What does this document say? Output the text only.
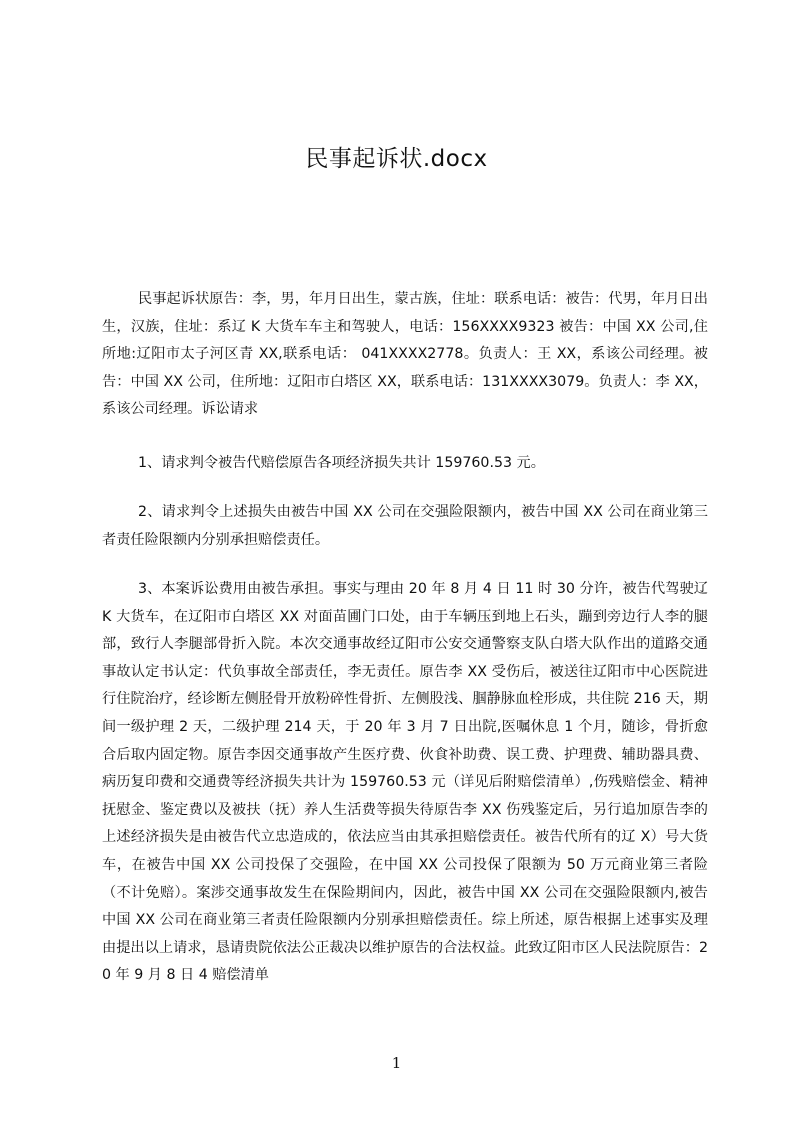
民事起诉状.docx

民事起诉状原告：李，男，年月日出生，蒙古族，住址：联系电话：被告：代男，年月日出生，汉族，住址：系辽 K 大货车车主和驾驶人，电话：156XXXX9323 被告：中国 XX 公司,住所地:辽阳市太子河区青 XX,联系电话： 041XXXX2778。负责人：王 XX，系该公司经理。被告：中国 XX 公司，住所地：辽阳市白塔区 XX，联系电话：131XXXX3079。负责人：李 XX，系该公司经理。诉讼请求

1、请求判令被告代赔偿原告各项经济损失共计 159760.53 元。

2、请求判令上述损失由被告中国 XX 公司在交强险限额内，被告中国 XX 公司在商业第三者责任险限额内分别承担赔偿责任。

3、本案诉讼费用由被告承担。事实与理由 20 年 8 月 4 日 11 时 30 分许，被告代驾驶辽 K 大货车，在辽阳市白塔区 XX 对面苗圃门口处，由于车辆压到地上石头，蹦到旁边行人李的腿部，致行人李腿部骨折入院。本次交通事故经辽阳市公安交通警察支队白塔大队作出的道路交通事故认定书认定：代负事故全部责任，李无责任。原告李 XX 受伤后，被送往辽阳市中心医院进行住院治疗，经诊断左侧胫骨开放粉碎性骨折、左侧股浅、腘静脉血栓形成，共住院 216 天，期间一级护理 2 天，二级护理 214 天，于 20 年 3 月 7 日出院,医嘱休息 1 个月，随诊，骨折愈合后取内固定物。原告李因交通事故产生医疗费、伙食补助费、误工费、护理费、辅助器具费、病历复印费和交通费等经济损失共计为 159760.53 元（详见后附赔偿清单）,伤残赔偿金、精神抚慰金、鉴定费以及被扶（抚）养人生活费等损失待原告李 XX 伤残鉴定后，另行追加原告李的上述经济损失是由被告代立忠造成的，依法应当由其承担赔偿责任。被告代所有的辽 X）号大货车，在被告中国 XX 公司投保了交强险，在中国 XX 公司投保了限额为 50 万元商业第三者险（不计免赔）。案涉交通事故发生在保险期间内，因此，被告中国 XX 公司在交强险限额内,被告中国 XX 公司在商业第三者责任险限额内分别承担赔偿责任。综上所述，原告根据上述事实及理由提出以上请求，恳请贵院依法公正裁决以维护原告的合法权益。此致辽阳市区人民法院原告：20 年 9 月 8 日 4 赔偿清单

1
